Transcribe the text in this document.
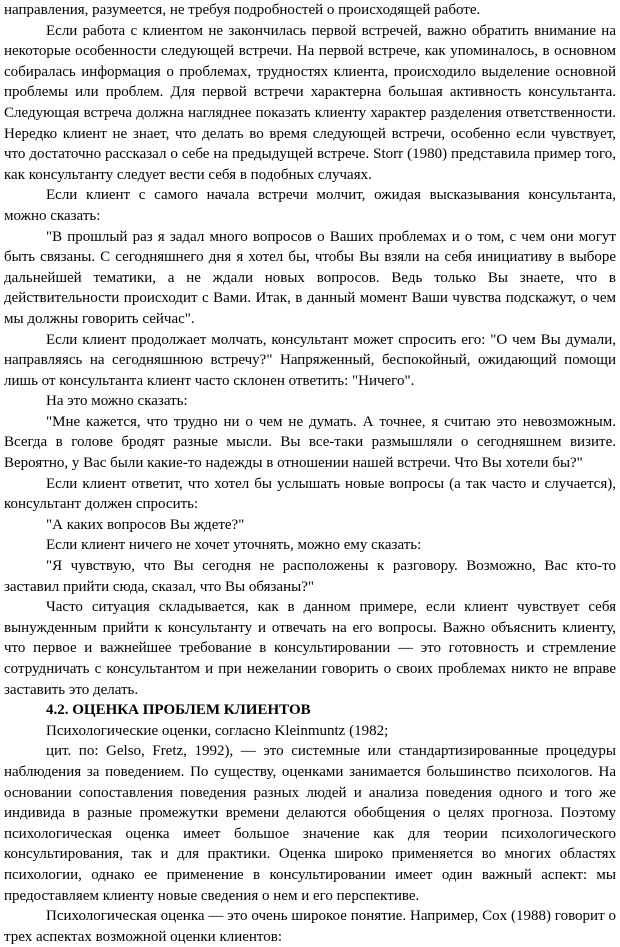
направления, разумеется, не требуя подробностей о происходящей работе.

Если работа с клиентом не закончилась первой встречей, важно обратить внимание на некоторые особенности следующей встречи. На первой встрече, как упоминалось, в основном собиралась информация о проблемах, трудностях клиента, происходило выделение основной проблемы или проблем. Для первой встречи характерна большая активность консультанта. Следующая встреча должна нагляднее показать клиенту характер разделения ответственности. Нередко клиент не знает, что делать во время следующей встречи, особенно если чувствует, что достаточно рассказал о себе на предыдущей встрече. Storr (1980) представила пример того, как консультанту следует вести себя в подобных случаях.

Если клиент с самого начала встречи молчит, ожидая высказывания консультанта, можно сказать:

"В прошлый раз я задал много вопросов о Ваших проблемах и о том, с чем они могут быть связаны. С сегодняшнего дня я хотел бы, чтобы Вы взяли на себя инициативу в выборе дальнейшей тематики, а не ждали новых вопросов. Ведь только Вы знаете, что в действительности происходит с Вами. Итак, в данный момент Ваши чувства подскажут, о чем мы должны говорить сейчас".

Если клиент продолжает молчать, консультант может спросить его: "О чем Вы думали, направляясь на сегодняшнюю встречу?" Напряженный, беспокойный, ожидающий помощи лишь от консультанта клиент часто склонен ответить: "Ничего".

На это можно сказать:

"Мне кажется, что трудно ни о чем не думать. А точнее, я считаю это невозможным. Всегда в голове бродят разные мысли. Вы все-таки размышляли о сегодняшнем визите. Вероятно, у Вас были какие-то надежды в отношении нашей встречи. Что Вы хотели бы?"

Если клиент ответит, что хотел бы услышать новые вопросы (а так часто и случается), консультант должен спросить:

"А каких вопросов Вы ждете?"

Если клиент ничего не хочет уточнять, можно ему сказать:

"Я чувствую, что Вы сегодня не расположены к разговору. Возможно, Вас кто-то заставил прийти сюда, сказал, что Вы обязаны?"

Часто ситуация складывается, как в данном примере, если клиент чувствует себя вынужденным прийти к консультанту и отвечать на его вопросы. Важно объяснить клиенту, что первое и важнейшее требование в консультировании — это готовность и стремление сотрудничать с консультантом и при нежелании говорить о своих проблемах никто не вправе заставить это делать.

4.2. ОЦЕНКА ПРОБЛЕМ КЛИЕНТОВ

Психологические оценки, согласно Kleinmuntz (1982;

цит. по: Gelso, Fretz, 1992), — это системные или стандартизированные процедуры наблюдения за поведением. По существу, оценками занимается большинство психологов. На основании сопоставления поведения разных людей и анализа поведения одного и того же индивида в разные промежутки времени делаются обобщения о целях прогноза. Поэтому психологическая оценка имеет большое значение как для теории психологического консультирования, так и для практики. Оценка широко применяется во многих областях психологии, однако ее применение в консультировании имеет один важный аспект: мы предоставляем клиенту новые сведения о нем и его перспективе.

Психологическая оценка — это очень широкое понятие. Например, Cox (1988) говорит о трех аспектах возможной оценки клиентов:
